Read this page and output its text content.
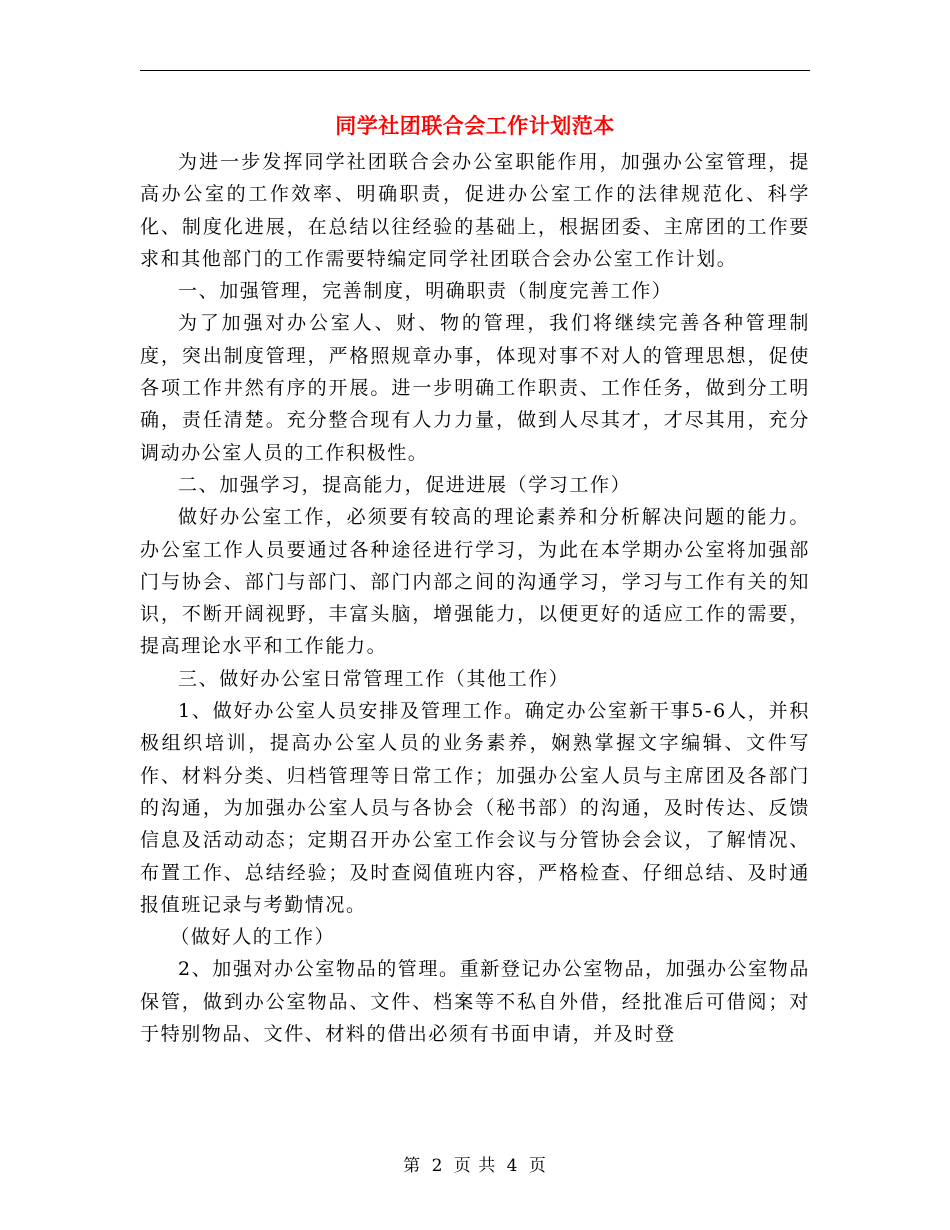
同学社团联合会工作计划范本

为进一步发挥同学社团联合会办公室职能作用，加强办公室管理，提高办公室的工作效率、明确职责，促进办公室工作的法律规范化、科学化、制度化进展，在总结以往经验的基础上，根据团委、主席团的工作要求和其他部门的工作需要特编定同学社团联合会办公室工作计划。

一、加强管理，完善制度，明确职责（制度完善工作）

为了加强对办公室人、财、物的管理，我们将继续完善各种管理制度，突出制度管理，严格照规章办事，体现对事不对人的管理思想，促使各项工作井然有序的开展。进一步明确工作职责、工作任务，做到分工明确，责任清楚。充分整合现有人力力量，做到人尽其才，才尽其用，充分调动办公室人员的工作积极性。

二、加强学习，提高能力，促进进展（学习工作）

做好办公室工作，必须要有较高的理论素养和分析解决问题的能力。办公室工作人员要通过各种途径进行学习，为此在本学期办公室将加强部门与协会、部门与部门、部门内部之间的沟通学习，学习与工作有关的知识，不断开阔视野，丰富头脑，增强能力，以便更好的适应工作的需要，提高理论水平和工作能力。

三、做好办公室日常管理工作（其他工作）

1、做好办公室人员安排及管理工作。确定办公室新干事5-6人，并积极组织培训，提高办公室人员的业务素养，娴熟掌握文字编辑、文件写作、材料分类、归档管理等日常工作；加强办公室人员与主席团及各部门的沟通，为加强办公室人员与各协会（秘书部）的沟通，及时传达、反馈信息及活动动态；定期召开办公室工作会议与分管协会会议，了解情况、布置工作、总结经验；及时查阅值班内容，严格检查、仔细总结、及时通报值班记录与考勤情况。

（做好人的工作）

2、加强对办公室物品的管理。重新登记办公室物品，加强办公室物品保管，做到办公室物品、文件、档案等不私自外借，经批准后可借阅；对于特别物品、文件、材料的借出必须有书面申请，并及时登

第 2 页 共 4 页
